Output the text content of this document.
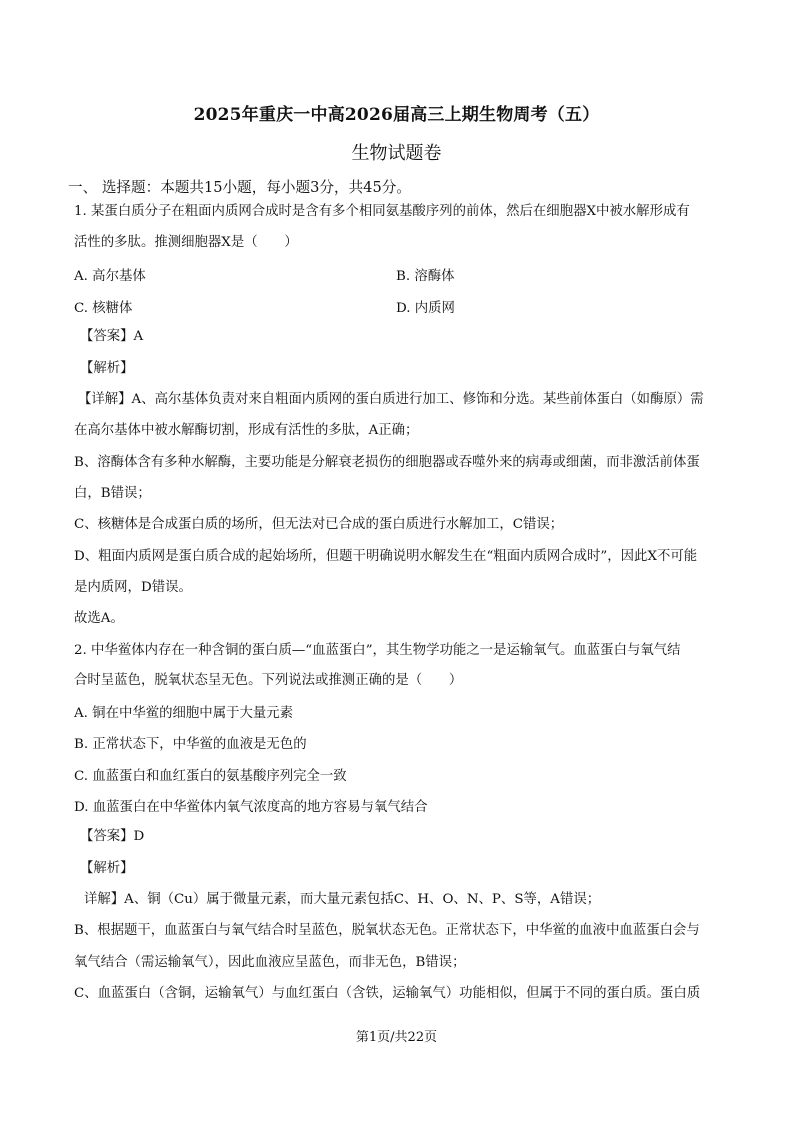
2025年重庆一中高2026届高三上期生物周考（五）
生物试题卷
一、 选择题：本题共15小题，每小题3分，共45分。
1. 某蛋白质分子在粗面内质网合成时是含有多个相同氨基酸序列的前体，然后在细胞器X中被水解形成有
活性的多肽。推测细胞器X是（　　）
A. 高尔基体	B. 溶酶体
C. 核糖体	D. 内质网
【答案】A
【解析】
【详解】A、高尔基体负责对来自粗面内质网的蛋白质进行加工、修饰和分选。某些前体蛋白（如酶原）需
在高尔基体中被水解酶切割，形成有活性的多肽，A正确；
B、溶酶体含有多种水解酶，主要功能是分解衰老损伤的细胞器或吞噬外来的病毒或细菌，而非激活前体蛋
白，B错误；
C、核糖体是合成蛋白质的场所，但无法对已合成的蛋白质进行水解加工，C错误；
D、粗面内质网是蛋白质合成的起始场所，但题干明确说明水解发生在“粗面内质网合成时”，因此X不可能
是内质网，D错误。
故选A。
2. 中华鲎体内存在一种含铜的蛋白质—“血蓝蛋白”，其生物学功能之一是运输氧气。血蓝蛋白与氧气结
合时呈蓝色，脱氧状态呈无色。下列说法或推测正确的是（　　）
A. 铜在中华鲎的细胞中属于大量元素
B. 正常状态下，中华鲎的血液是无色的
C. 血蓝蛋白和血红蛋白的氨基酸序列完全一致
D. 血蓝蛋白在中华鲎体内氧气浓度高的地方容易与氧气结合
【答案】D
【解析】
详解】A、铜（Cu）属于微量元素，而大量元素包括C、H、O、N、P、S等，A错误；
B、根据题干，血蓝蛋白与氧气结合时呈蓝色，脱氧状态无色。正常状态下，中华鲎的血液中血蓝蛋白会与
氧气结合（需运输氧气），因此血液应呈蓝色，而非无色，B错误；
C、血蓝蛋白（含铜，运输氧气）与血红蛋白（含铁，运输氧气）功能相似，但属于不同的蛋白质。蛋白质
第1页/共22页
